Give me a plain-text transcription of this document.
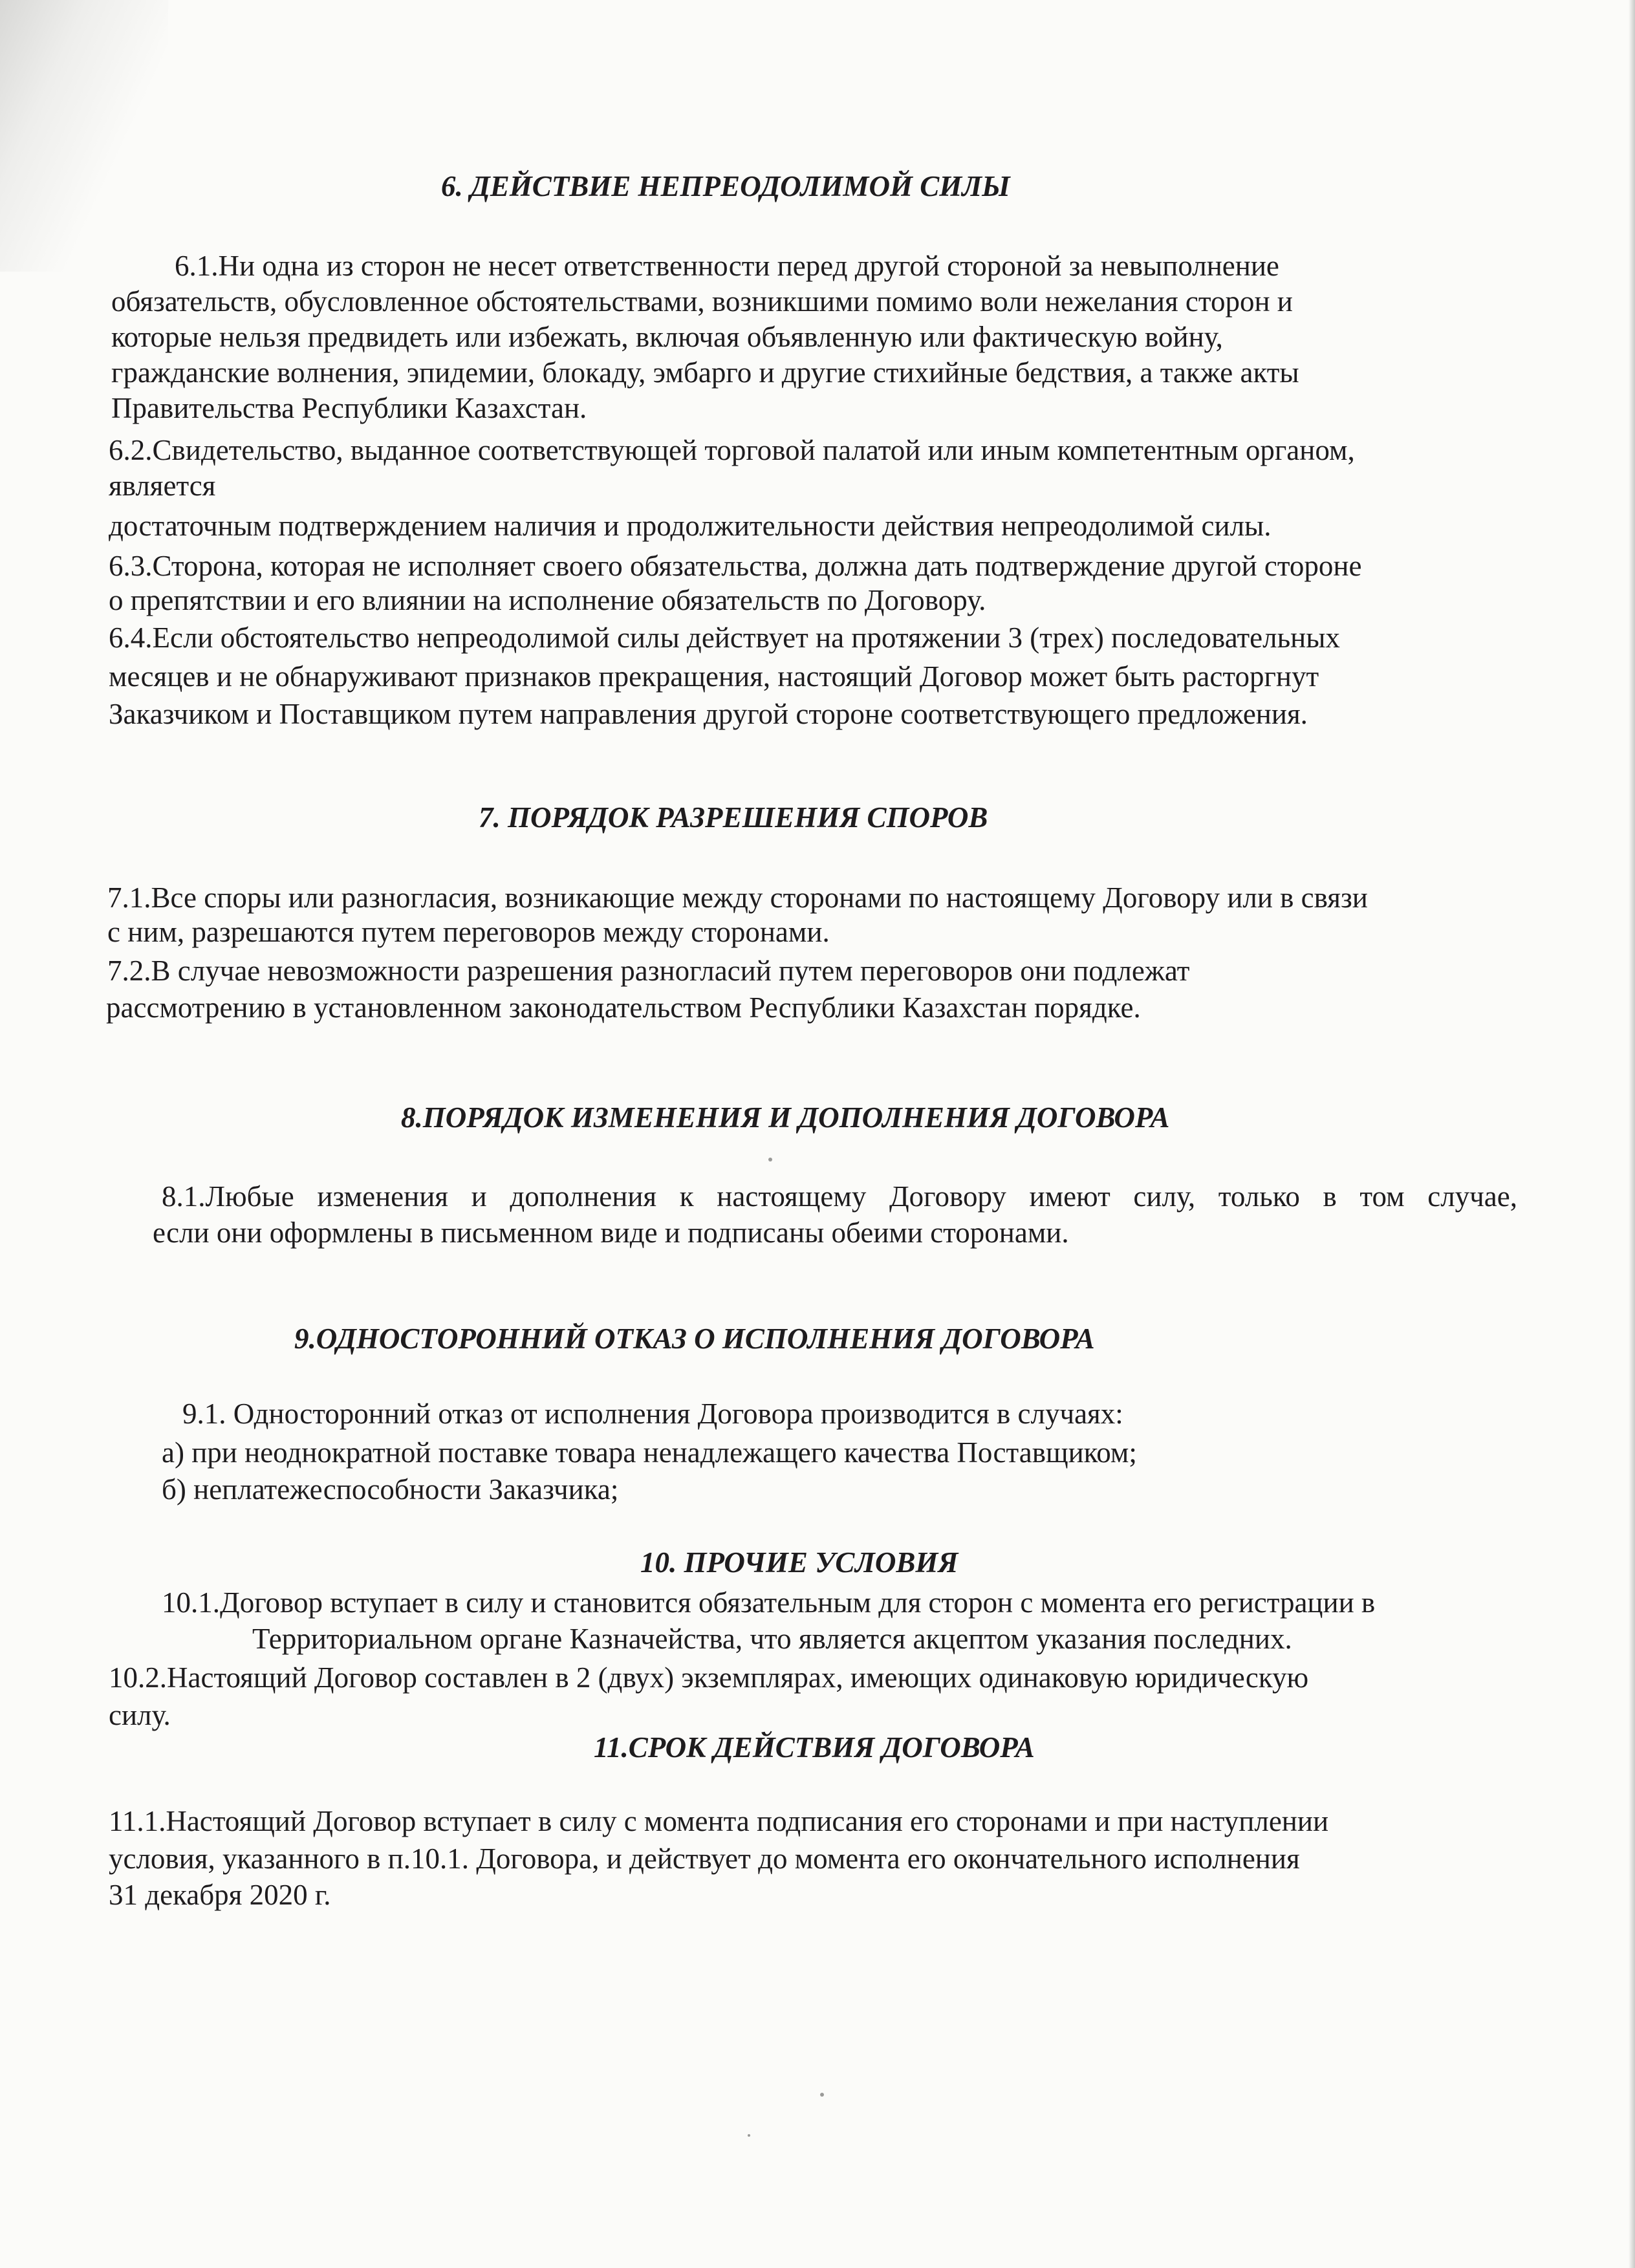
6. ДЕЙСТВИЕ НЕПРЕОДОЛИМОЙ СИЛЫ
6.1.Ни одна из сторон не несет ответственности перед другой стороной за невыполнение
обязательств, обусловленное обстоятельствами, возникшими помимо воли нежелания сторон и
которые нельзя предвидеть или избежать, включая объявленную или фактическую войну,
гражданские волнения, эпидемии, блокаду, эмбарго и другие стихийные бедствия, а также акты
Правительства Республики Казахстан.
6.2.Свидетельство, выданное соответствующей торговой палатой или иным компетентным органом,
является
достаточным подтверждением наличия и продолжительности действия непреодолимой силы.
6.3.Сторона, которая не исполняет своего обязательства, должна дать подтверждение другой стороне
о препятствии и его влиянии на исполнение обязательств по Договору.
6.4.Если обстоятельство непреодолимой силы действует на протяжении 3 (трех) последовательных
месяцев и не обнаруживают признаков прекращения, настоящий Договор может быть расторгнут
Заказчиком и Поставщиком путем направления другой стороне соответствующего предложения.
7. ПОРЯДОК РАЗРЕШЕНИЯ СПОРОВ
7.1.Все споры или разногласия, возникающие между сторонами по настоящему Договору или в связи
с ним, разрешаются путем переговоров между сторонами.
7.2.В случае невозможности разрешения разногласий путем переговоров они подлежат
рассмотрению в установленном законодательством Республики Казахстан порядке.
8.ПОРЯДОК ИЗМЕНЕНИЯ И ДОПОЛНЕНИЯ ДОГОВОРА
8.1.Любые изменения и дополнения к настоящему Договору имеют силу, только в том случае,
если они оформлены в письменном виде и подписаны обеими сторонами.
9.ОДНОСТОРОННИЙ ОТКАЗ О ИСПОЛНЕНИЯ ДОГОВОРА
9.1. Односторонний отказ от исполнения Договора производится в случаях:
а) при неоднократной поставке товара ненадлежащего качества Поставщиком;
б) неплатежеспособности Заказчика;
10. ПРОЧИЕ УСЛОВИЯ
10.1.Договор вступает в силу и становится обязательным для сторон с момента его регистрации в
Территориальном органе Казначейства, что является акцептом указания последних.
10.2.Настоящий Договор составлен в 2 (двух) экземплярах, имеющих одинаковую юридическую
силу.
11.СРОК ДЕЙСТВИЯ ДОГОВОРА
11.1.Настоящий Договор вступает в силу с момента подписания его сторонами и при наступлении
условия, указанного в п.10.1. Договора, и действует до момента его окончательного исполнения
31 декабря 2020 г.
